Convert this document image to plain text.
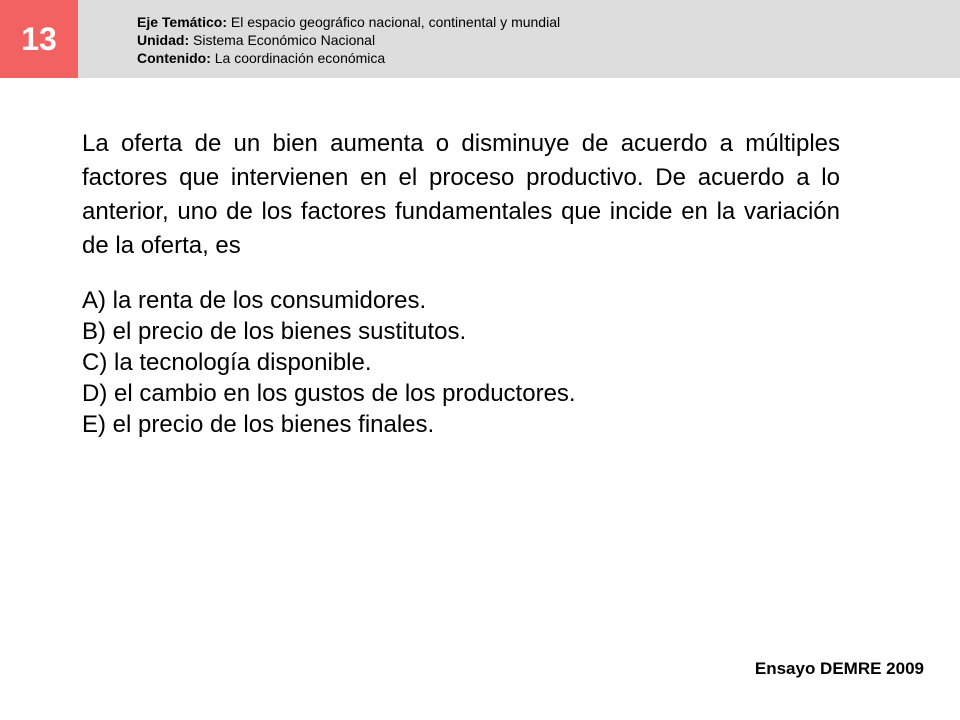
13	Eje Temático: El espacio geográfico nacional, continental y mundial
Unidad: Sistema Económico Nacional
Contenido: La coordinación económica
La oferta de un bien aumenta o disminuye de acuerdo a múltiples factores que intervienen en el proceso productivo. De acuerdo a lo anterior, uno de los factores fundamentales que incide en la variación de la oferta, es
A) la renta de los consumidores.
B) el precio de los bienes sustitutos.
C) la tecnología disponible.
D) el cambio en los gustos de los productores.
E) el precio de los bienes finales.
Ensayo DEMRE 2009
